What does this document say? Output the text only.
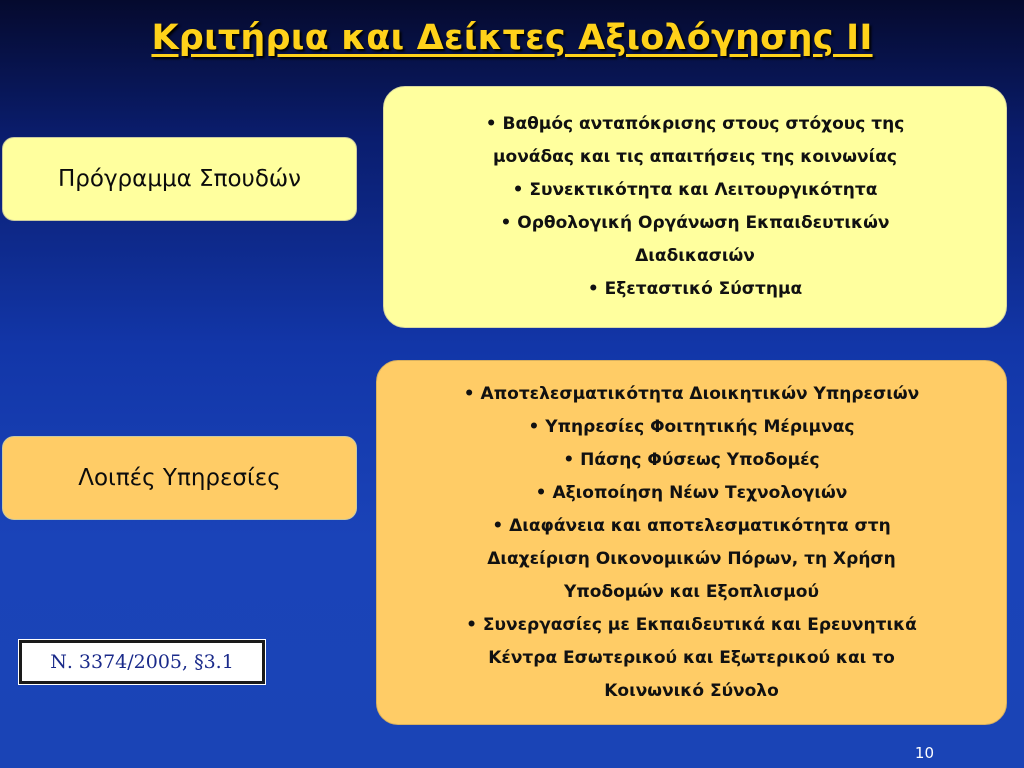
Κριτήρια και Δείκτες Αξιολόγησης ΙΙ
Πρόγραμμα Σπουδών
• Βαθμός ανταπόκρισης στους στόχους της
μονάδας και τις απαιτήσεις της κοινωνίας
• Συνεκτικότητα και Λειτουργικότητα
• Ορθολογική Οργάνωση Εκπαιδευτικών
Διαδικασιών
• Εξεταστικό Σύστημα
Λοιπές Υπηρεσίες
• Αποτελεσματικότητα Διοικητικών Υπηρεσιών
• Υπηρεσίες Φοιτητικής Μέριμνας
• Πάσης Φύσεως Υποδομές
• Αξιοποίηση Νέων Τεχνολογιών
• Διαφάνεια και αποτελεσματικότητα στη
Διαχείριση Οικονομικών Πόρων, τη Χρήση
Υποδομών και Εξοπλισμού
• Συνεργασίες με Εκπαιδευτικά και Ερευνητικά
Κέντρα Εσωτερικού και Εξωτερικού και το
Κοινωνικό Σύνολο
Ν. 3374/2005, §3.1
10
